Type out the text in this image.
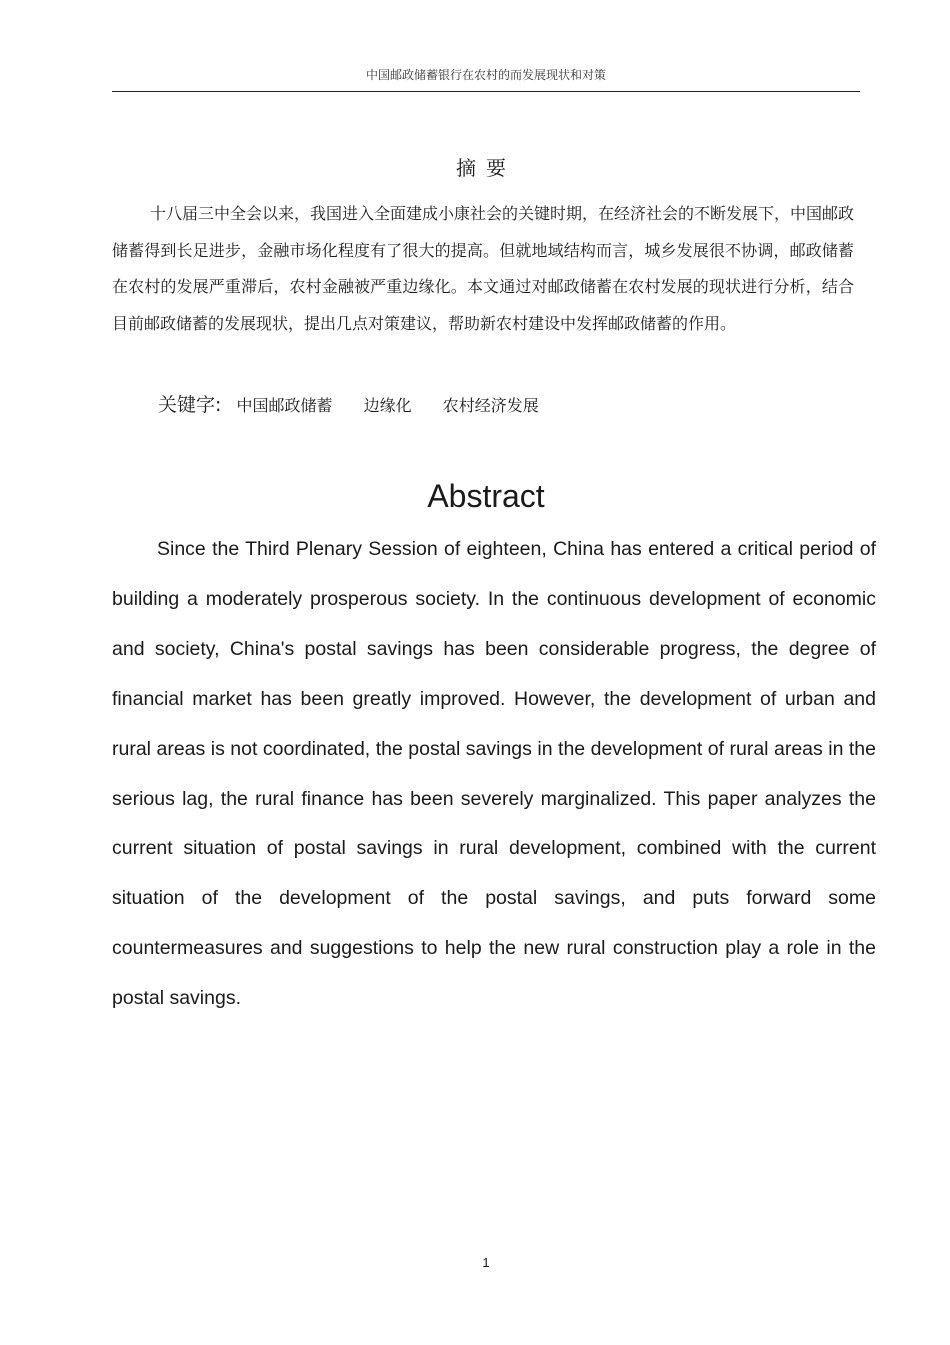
中国邮政储蓄银行在农村的而发展现状和对策
摘要

十八届三中全会以来，我国进入全面建成小康社会的关键时期，在经济社会的不断发展下，中国邮政储蓄得到长足进步，金融市场化程度有了很大的提高。但就地域结构而言，城乡发展很不协调，邮政储蓄在农村的发展严重滞后，农村金融被严重边缘化。本文通过对邮政储蓄在农村发展的现状进行分析，结合目前邮政储蓄的发展现状，提出几点对策建议，帮助新农村建设中发挥邮政储蓄的作用。

关键字: 中国邮政储蓄 边缘化 农村经济发展
Abstract

Since the Third Plenary Session of eighteen, China has entered a critical period of building a moderately prosperous society. In the continuous development of economic and society, China's postal savings has been considerable progress, the degree of financial market has been greatly improved. However, the development of urban and rural areas is not coordinated, the postal savings in the development of rural areas in the serious lag, the rural finance has been severely marginalized. This paper analyzes the current situation of postal savings in rural development, combined with the current situation of the development of the postal savings, and puts forward some countermeasures and suggestions to help the new rural construction play a role in the postal savings.

1
